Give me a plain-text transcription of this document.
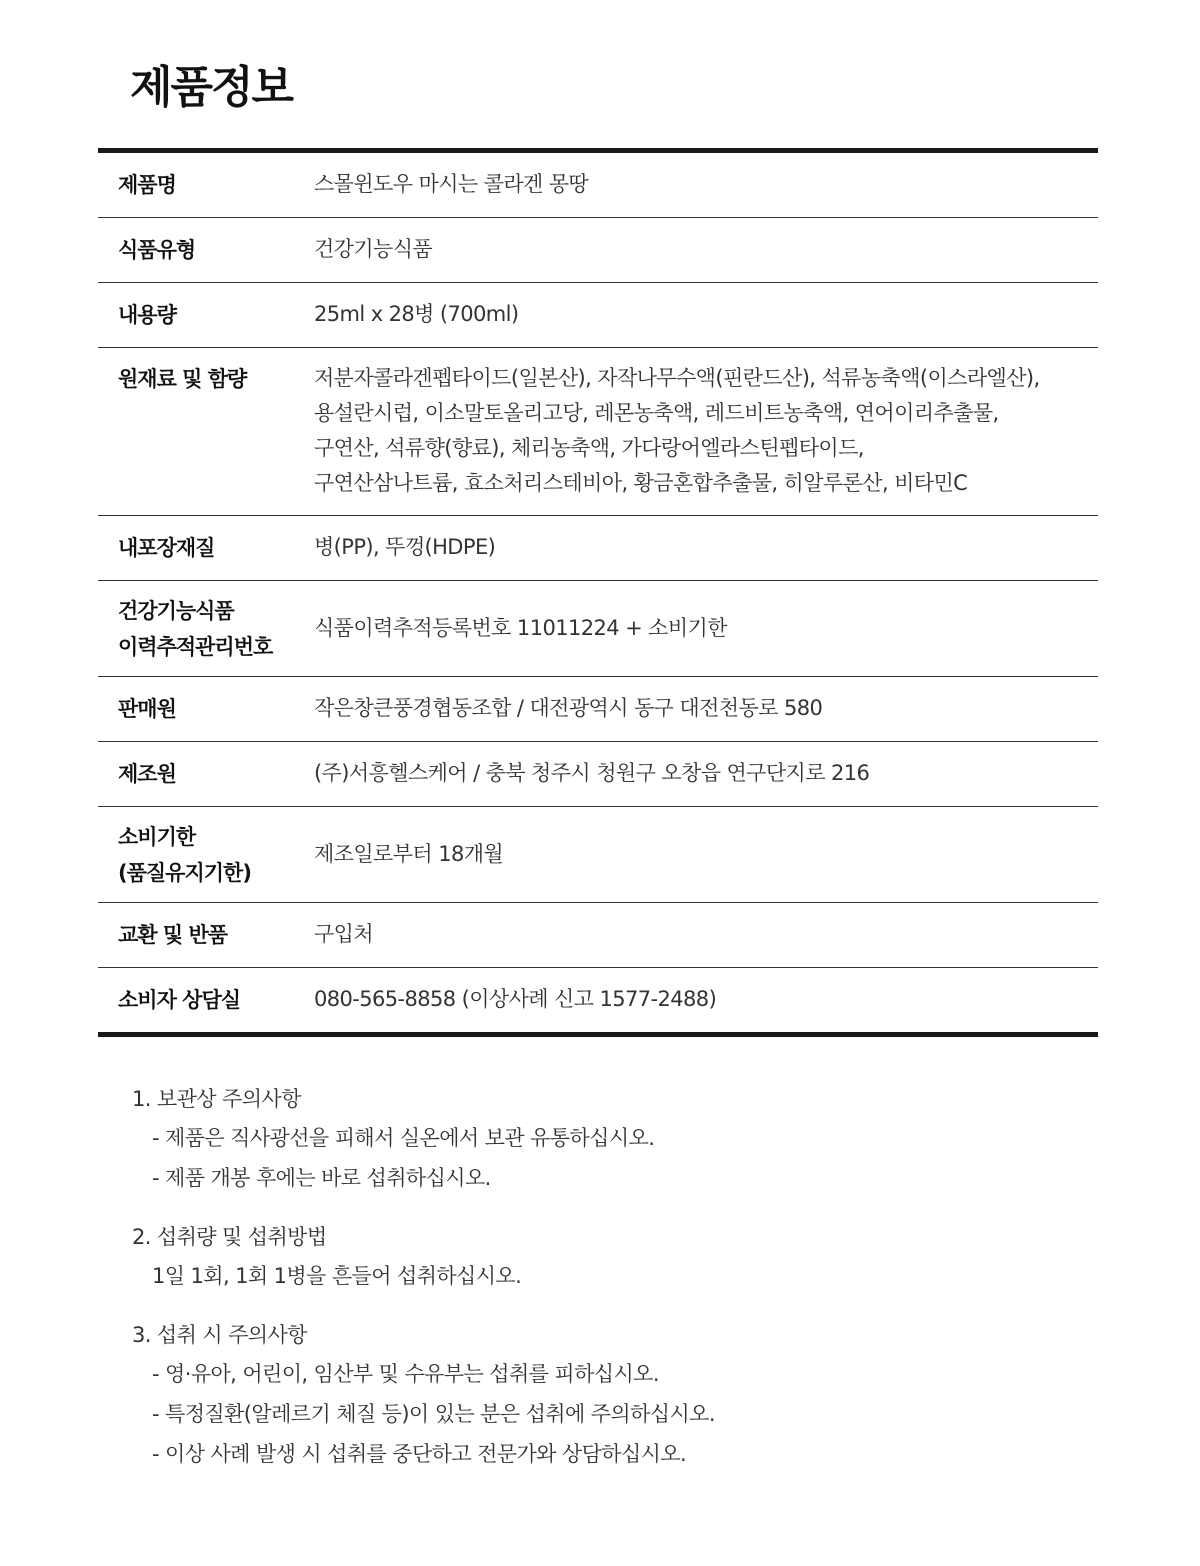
제품정보
제품명	스몰윈도우 마시는 콜라겐 몽땅

식품유형	건강기능식품

내용량	25ml x 28병 (700ml)

원재료 및 함량	저분자콜라겐펩타이드(일본산), 자작나무수액(핀란드산), 석류농축액(이스라엘산),
용설란시럽, 이소말토올리고당, 레몬농축액, 레드비트농축액, 연어이리추출물,
구연산, 석류향(향료), 체리농축액, 가다랑어엘라스틴펩타이드,
구연산삼나트륨, 효소처리스테비아, 황금혼합추출물, 히알루론산, 비타민C

내포장재질	병(PP), 뚜껑(HDPE)

건강기능식품
이력추적관리번호	식품이력추적등록번호 11011224 + 소비기한

판매원	작은창큰풍경협동조합 / 대전광역시 동구 대전천동로 580

제조원	(주)서흥헬스케어 / 충북 청주시 청원구 오창읍 연구단지로 216

소비기한
(품질유지기한)	제조일로부터 18개월

교환 및 반품	구입처

소비자 상담실	080-565-8858 (이상사례 신고 1577-2488)
1. 보관상 주의사항
- 제품은 직사광선을 피해서 실온에서 보관 유통하십시오.
- 제품 개봉 후에는 바로 섭취하십시오.
2. 섭취량 및 섭취방법
1일 1회, 1회 1병을 흔들어 섭취하십시오.
3. 섭취 시 주의사항
- 영·유아, 어린이, 임산부 및 수유부는 섭취를 피하십시오.
- 특정질환(알레르기 체질 등)이 있는 분은 섭취에 주의하십시오.
- 이상 사례 발생 시 섭취를 중단하고 전문가와 상담하십시오.
